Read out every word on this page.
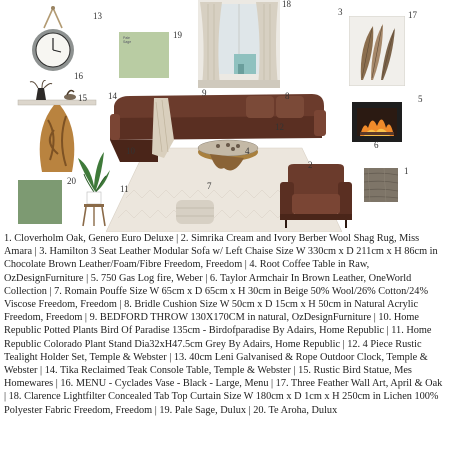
Pale
Sage
13
19
18
3	17
16
15 14	9	8	5
12
10	4
6
1
2
7
20
11

1. Cloverholm Oak, Genero Euro Deluxe | 2. Simrika Cream and Ivory Berber Wool Shag Rug, Miss Amara | 3. Hamilton 3 Seat Leather Modular Sofa w/ Left Chaise Size W 330cm x D 211cm x H 86cm in Chocolate Brown Leather/Foam/Fibre Freedom, Freedom | 4. Root Coffee Table in Raw, OzDesignFurniture | 5. 750 Gas Log fire, Weber | 6. Taylor Armchair In Brown Leather, OneWorld Collection | 7. Romain Pouffe Size W 65cm x D 65cm x H 30cm in Beige 50% Wool/26% Cotton/24% Viscose Freedom, Freedom | 8. Bridle Cushion Size W 50cm x D 15cm x H 50cm in Natural Acrylic Freedom, Freedom | 9. BEDFORD THROW 130X170CM in natural, OzDesignFurniture | 10. Home Republic Potted Plants Bird Of Paradise 135cm - Birdofparadise By Adairs, Home Republic | 11. Home Republic Colorado Plant Stand Dia32xH47.5cm Grey By Adairs, Home Republic | 12. 4 Piece Rustic Tealight Holder Set, Temple & Webster | 13. 40cm Leni Galvanised & Rope Outdoor Clock, Temple & Webster | 14. Tika Reclaimed Teak Console Table, Temple & Webster | 15. Rustic Bird Statue, Mes Homewares | 16. MENU - Cyclades Vase - Black - Large, Menu | 17. Three Feather Wall Art, April & Oak | 18. Clarence Lightfilter Concealed Tab Top Curtain Size W 180cm x D 1cm x H 250cm in Lichen 100% Polyester Fabric Freedom, Freedom | 19. Pale Sage, Dulux | 20. Te Aroha, Dulux
